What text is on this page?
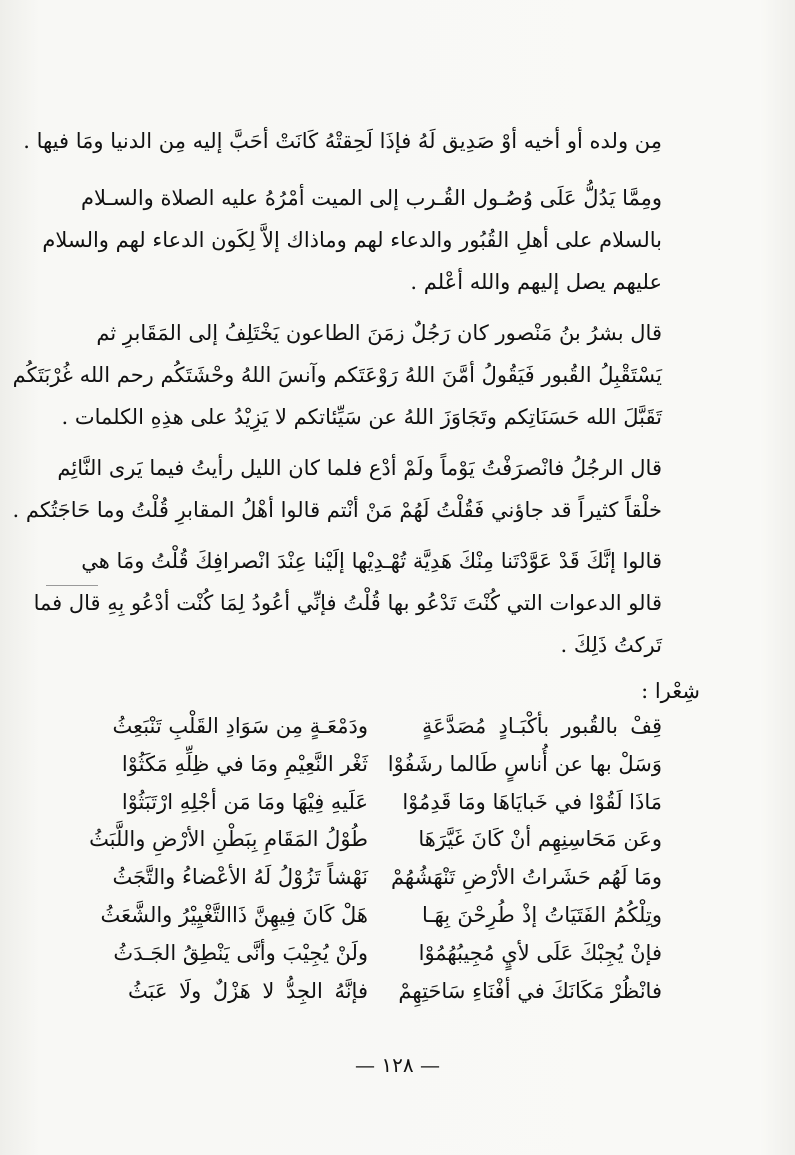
مِن ولده أو أخيه أوْ صَدِيق لَهُ فإذَا لَحِقتْهُ كَانَتْ أحَبَّ إليه مِن الدنيا ومَا فيها .
ومِمَّا يَدُلُّ عَلَى وُصُـول القُـرب إلى الميت أمْرُهُ عليه الصلاة والسـلام
بالسلام على أهلِ القُبُور والدعاء لهم وماذاك إلاَّ لِكَون الدعاء لهم والسلام
عليهم يصل إليهم والله أعْلم .
قال بشرُ بنُ مَنْصور كان رَجُلٌ زمَنَ الطاعون يَخْتَلِفُ إلى المَقَابرِ ثم
يَسْتَقْبِلُ القُبور فَيَقُولُ أمَّنَ اللهُ رَوْعَتَكم وآنسَ اللهُ وحْشَتَكُم رحم الله غُرْبَتَكُم
تَقَبَّلَ الله حَسَنَاتِكم وتَجَاوَزَ اللهُ عن سَيِّئاتكم لا يَزِيْدُ على هذِهِ الكلمات .
قال الرجُلُ فانْصرَفْتُ يَوْماً ولَمْ أدْع فلما كان الليل رأيتُ فيما يَرى النَّائِم
خلْقاً كثيراً قد جاؤني فَقُلْتُ لَهُمْ مَنْ أنْتم قالوا أهْلُ المقابرِ قُلْتُ وما حَاجَتُكم .
قالوا إنَّكَ قَدْ عَوَّدْتَنا مِنْكَ هَدِيَّة تُهْـدِيْها إلَيْنا عِنْدَ انْصرافِكَ قُلْتُ ومَا هي
قالو الدعوات التي كُنْتَ تَدْعُو بها قُلْتُ فإنِّي أعُودُ لِمَا كُنْت أدْعُو بِهِ قال فما
تَركتُ ذَلِكَ .
شِعْرا :
قِفْ بالقُبور بأكْبَـادٍ مُصَدَّعَةٍ
ودَمْعَـةٍ مِن سَوَادِ القَلْبِ تَنْبَعِثُ
وَسَلْ بها عن أُناسٍ طَالما رشَفُوْا
ثَغْر النَّعِيْمِ ومَا في ظِلِّهِ مَكَثُوْا
مَاذَا لَقُوْا في خَبايَاهَا ومَا قَدِمُوْا
عَلَيهِ فِيْهَا ومَا مَن أجْلِهِ ارْتَبَثُوْا
وعَن مَحَاسِنِهِم أنْ كَانَ غَيَّرَهَا
طُوْلُ المَقَامِ بِبَطْنِ الأرْضِ واللَّبَثُ
ومَا لَهُم حَشَراتُ الأرْضِ تَنْهَشُهُمْ
نَهْشاً تَزُوْلُ لَهُ الأعْضاءُ والتَّجَثُ
وتِلْكُمُ الفَتَيَاتُ إذْ طُرِحْنَ بِهَـا
هَلْ كَانَ فِيهِنَّ ذَاالتَّغْيِيْرُ والشَّعَثُ
فإنْ يُجِبْكَ عَلَى لأيٍ مُجِيبُهُمُوْا
ولَنْ يُجِيْبَ وأنَّى يَنْطِقُ الجَـدَثُ
فانْظُرْ مَكَانَكَ في أفْنَاءِ سَاحَتِهِمْ
فإنَّهُ الجِدُّ لا هَزْلٌ ولَا عَبَثُ
— ١٢٨ —
